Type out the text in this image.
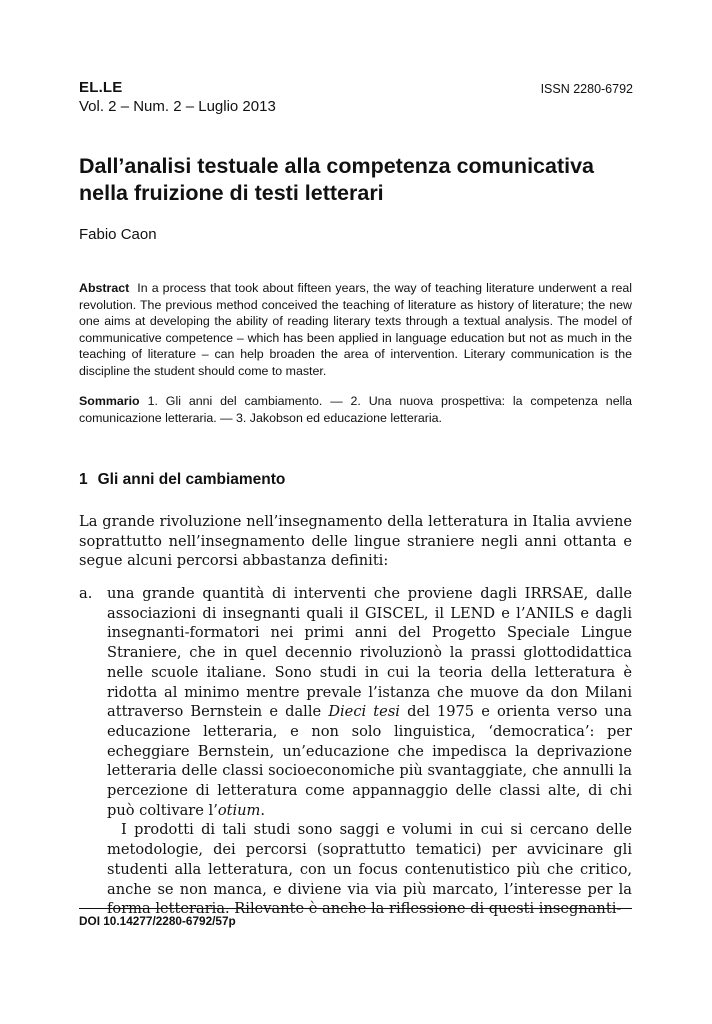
EL.LE
Vol. 2 – Num. 2 – Luglio 2013
ISSN 2280-6792
Dall’analisi testuale alla competenza comunicativa nella fruizione di testi letterari
Fabio Caon

Abstract In a process that took about fifteen years, the way of teaching literature underwent a real revolution. The previous method conceived the teaching of literature as history of literature; the new one aims at developing the ability of reading literary texts through a textual analysis. The model of communicative competence – which has been applied in language education but not as much in the teaching of literature – can help broaden the area of intervention. Literary communication is the discipline the student should come to master.

Sommario 1. Gli anni del cambiamento. — 2. Una nuova prospettiva: la competenza nella comunicazione letteraria. — 3. Jakobson ed educazione letteraria.

1 Gli anni del cambiamento

La grande rivoluzione nell’insegnamento della letteratura in Italia avviene soprattutto nell’insegnamento delle lingue straniere negli anni ottanta e segue alcuni percorsi abbastanza definiti:

a. una grande quantità di interventi che proviene dagli IRRSAE, dalle associazioni di insegnanti quali il GISCEL, il LEND e l’ANILS e dagli insegnanti-formatori nei primi anni del Progetto Speciale Lingue Straniere, che in quel decennio rivoluzionò la prassi glottodidattica nelle scuole italiane. Sono studi in cui la teoria della letteratura è ridotta al minimo mentre prevale l’istanza che muove da don Milani attraverso Bernstein e dalle Dieci tesi del 1975 e orienta verso una educazione letteraria, e non solo linguistica, ‘democratica’: per echeggiare Bernstein, un’educazione che impedisca la deprivazione letteraria delle classi socioeconomiche più svantaggiate, che annulli la percezione di letteratura come appannaggio delle classi alte, di chi può coltivare l’otium.

I prodotti di tali studi sono saggi e volumi in cui si cercano delle metodologie, dei percorsi (soprattutto tematici) per avvicinare gli studenti alla letteratura, con un focus contenutistico più che critico, anche se non manca, e diviene via via più marcato, l’interesse per la forma letteraria. Rilevante è anche la riflessione di questi insegnanti-

DOI 10.14277/2280-6792/57p
